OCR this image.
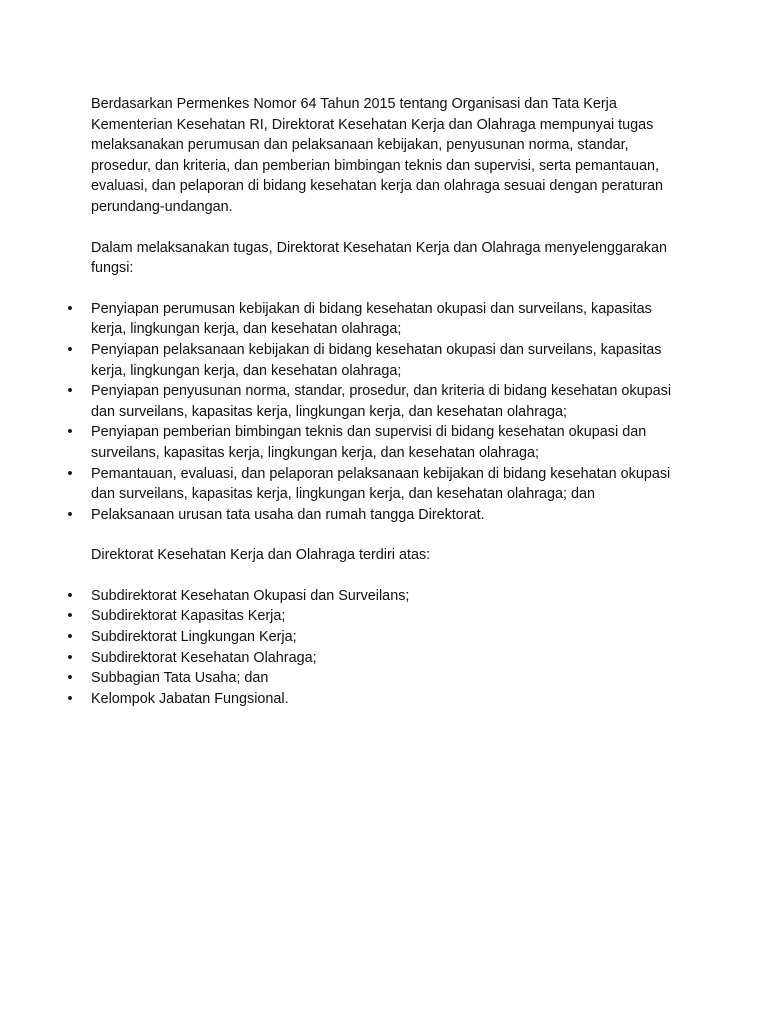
Berdasarkan Permenkes Nomor 64 Tahun 2015 tentang Organisasi dan Tata Kerja Kementerian Kesehatan RI, Direktorat Kesehatan Kerja dan Olahraga mempunyai tugas melaksanakan perumusan dan pelaksanaan kebijakan, penyusunan norma, standar, prosedur, dan kriteria, dan pemberian bimbingan teknis dan supervisi, serta pemantauan, evaluasi, dan pelaporan di bidang kesehatan kerja dan olahraga sesuai dengan peraturan perundang-undangan.

Dalam melaksanakan tugas, Direktorat Kesehatan Kerja dan Olahraga menyelenggarakan fungsi:

• Penyiapan perumusan kebijakan di bidang kesehatan okupasi dan surveilans, kapasitas kerja, lingkungan kerja, dan kesehatan olahraga;
• Penyiapan pelaksanaan kebijakan di bidang kesehatan okupasi dan surveilans, kapasitas kerja, lingkungan kerja, dan kesehatan olahraga;
• Penyiapan penyusunan norma, standar, prosedur, dan kriteria di bidang kesehatan okupasi dan surveilans, kapasitas kerja, lingkungan kerja, dan kesehatan olahraga;
• Penyiapan pemberian bimbingan teknis dan supervisi di bidang kesehatan okupasi dan surveilans, kapasitas kerja, lingkungan kerja, dan kesehatan olahraga;
• Pemantauan, evaluasi, dan pelaporan pelaksanaan kebijakan di bidang kesehatan okupasi dan surveilans, kapasitas kerja, lingkungan kerja, dan kesehatan olahraga; dan
• Pelaksanaan urusan tata usaha dan rumah tangga Direktorat.

Direktorat Kesehatan Kerja dan Olahraga terdiri atas:

• Subdirektorat Kesehatan Okupasi dan Surveilans;
• Subdirektorat Kapasitas Kerja;
• Subdirektorat Lingkungan Kerja;
• Subdirektorat Kesehatan Olahraga;
• Subbagian Tata Usaha; dan
• Kelompok Jabatan Fungsional.
